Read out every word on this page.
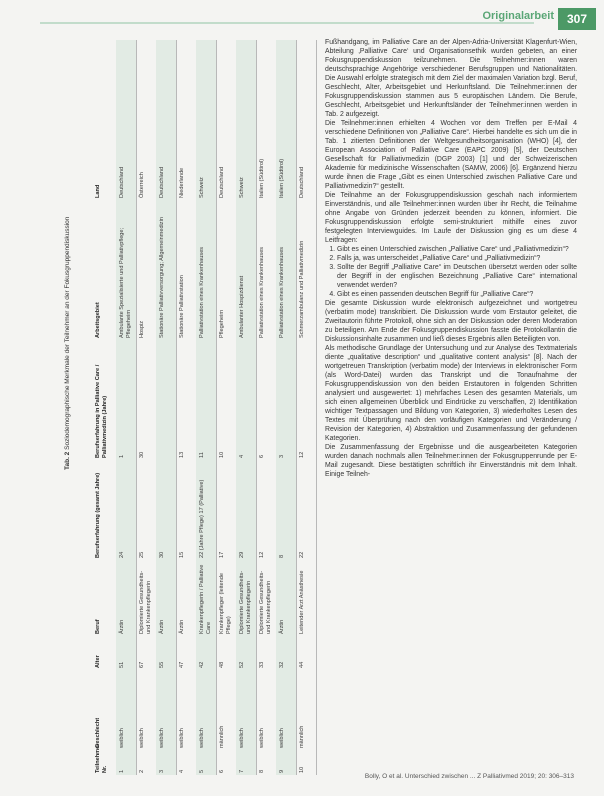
Originalarbeit	307
Tab. 2 Soziodemographische Merkmale der Teilnehmer an der Fokusgruppendiskussion
Teilnehmer Nr.
Geschlecht
Alter
Beruf
Berufserfahrung (gesamt Jahre)
Berufserfahrung in Palliative Care / Palliativmedizin (Jahre)
Arbeitsgebiet
Land
1
weiblich
51
Ärztin
24
1
Ambulante Spezialisierte und Palliativpflege; Pflegeheim
Deutschland
2
weiblich
67
Diplomierte Gesundheits- und Krankenpflegerin
25
30
Hospiz
Österreich
3
weiblich
55
Ärztin
30
Stationäre Palliativversorgung; Allgemeinmedizin
Deutschland
4
weiblich
47
Ärztin
15
13
Stationäre Palliativstation
Niederlande
5
weiblich
42
Krankenpflegerin / Palliative Care
22 (Jahre Pflege) 17 (Palliative)
11
Palliativstation eines Krankenhauses
Schweiz
6
männlich
48
Krankenpfleger (leitende Pflege)
17
10
Pflegeheim
Deutschland
7
weiblich
52
Diplomierte Gesundheits- und Krankenpflegerin
29
4
Ambulanter Hospizdienst
Schweiz
8
weiblich
33
Diplomierte Gesundheits- und Krankenpflegerin
12
6
Palliativstation eines Krankenhauses
Italien (Südtirol)
9
weiblich
32
Ärztin
8
3
Palliativstation eines Krankenhauses
Italien (Südtirol)
10
männlich
44
Leitender Arzt Anästhesie
22
12
Schmerzambulanz und Palliativmedizin
Deutschland

Fußhandgang, im Palliative Care an der Alpen-Adria-Universität Klagenfurt-Wien, Abteilung ‚Palliative Care‘ und Organisationsethik wurden gebeten, an einer Fokusgruppendiskussion teilzunehmen. Die Teilnehmer:innen waren deutschsprachige Angehörige verschiedener Berufsgruppen und Nationalitäten. Die Auswahl erfolgte strategisch mit dem Ziel der maximalen Variation bzgl. Beruf, Geschlecht, Alter, Arbeitsgebiet und Herkunftsland. Die Teilnehmer:innen der Fokusgruppendiskussion stammen aus 5 europäischen Ländern. Die Berufe, Geschlecht, Arbeitsgebiet und Herkunftsländer der Teilnehmer:innen werden in Tab. 2 aufgezeigt.

Die Teilnehmer:innen erhielten 4 Wochen vor dem Treffen per E-Mail 4 verschiedene Definitionen von „Palliative Care“. Hierbei handelte es sich um die in Tab. 1 zitierten Definitionen der Weltgesundheitsorganisation (WHO) [4], der European Association of Palliative Care (EAPC 2009) [5], der Deutschen Gesellschaft für Palliativmedizin (DGP 2003) [1] und der Schweizerischen Akademie für medizinische Wissenschaften (SAMW, 2006) [6]. Ergänzend hierzu wurde ihnen die Frage „Gibt es einen Unterschied zwischen Palliative Care und Palliativmedizin?“ gestellt.

Die Teilnahme an der Fokusgruppendiskussion geschah nach informiertem Einverständnis, und alle Teilnehmer:innen wurden über ihr Recht, die Teilnahme ohne Angabe von Gründen jederzeit beenden zu können, informiert. Die Fokusgruppendiskussion erfolgte semi-strukturiert mithilfe eines zuvor festgelegten Interviewguides. Im Laufe der Diskussion ging es um diese 4 Leitfragen:

1. Gibt es einen Unterschied zwischen „Palliative Care“ und „Palliativmedizin“?
2. Falls ja, was unterscheidet „Palliative Care“ und „Palliativmedizin“?
3. Sollte der Begriff „Palliative Care“ im Deutschen übersetzt werden oder sollte der Begriff in der englischen Bezeichnung „Palliative Care“ international verwendet werden?
4. Gibt es einen passenden deutschen Begriff für „Palliative Care“?

Die gesamte Diskussion wurde elektronisch aufgezeichnet und wortgetreu (verbatim mode) transkribiert. Die Diskussion wurde vom Erstautor geleitet, die Zweitautorin führte Protokoll, ohne sich an der Diskussion oder deren Moderation zu beteiligen. Am Ende der Fokusgruppendiskussion fasste die Protokollantin die Diskussionsinhalte zusammen und ließ dieses Ergebnis allen Beteiligten von.

Als methodische Grundlage der Untersuchung und zur Analyse des Textmaterials diente „qualitative description“ und „qualitative content analysis“ [8]. Nach der wortgetreuen Transkription (verbatim mode) der Interviews in elektronischer Form (als Word-Datei) wurden das Transkript und die Tonaufnahme der Fokusgruppendiskussion von den beiden Erstautoren in folgenden Schritten analysiert und ausgewertet: 1) mehrfaches Lesen des gesamten Materials, um sich einen allgemeinen Überblick und Eindrücke zu verschaffen, 2) Identifikation wichtiger Textpassagen und Bildung von Kategorien, 3) wiederholtes Lesen des Textes mit Überprüfung nach den vorläufigen Kategorien und Veränderung / Revision der Kategorien, 4) Abstraktion und Zusammenfassung der gefundenen Kategorien.

Die Zusammenfassung der Ergebnisse und die ausgearbeiteten Kategorien wurden danach nochmals allen Teilnehmer:innen der Fokusgruppenrunde per E-Mail zugesandt. Diese bestätigten schriftlich ihr Einverständnis mit dem Inhalt. Einige Teilneh-

Bolly, O et al. Unterschied zwischen ... Z Palliativmed 2019; 20: 306–313
